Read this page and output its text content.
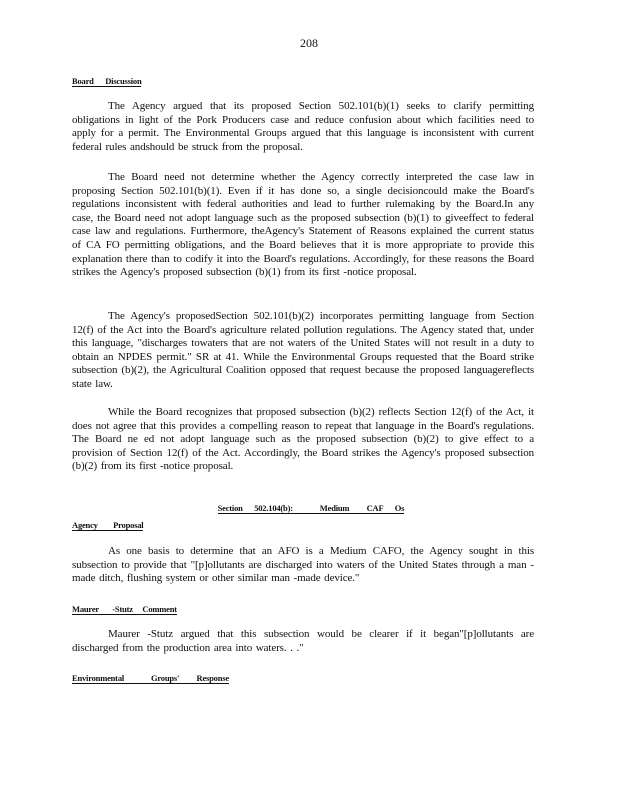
208
Board      Discussion
The Agency argued that its proposed Section 502.101(b)(1) seeks to clarify permitting obligations in light of the Pork Producers case and reduce confusion about which facilities need to apply for a permit. The Environmental Groups argued that this language is inconsistent with current federal rules andshould be struck from the proposal.
The Board need not determine whether the Agency correctly interpreted the case law in proposing Section 502.101(b)(1). Even if it has done so, a single decisioncould make the Board's regulations inconsistent with federal authorities and lead to further rulemaking by the Board.In any case, the Board need not adopt language such as the proposed subsection (b)(1) to giveeffect to federal case law and regulations. Furthermore, theAgency's Statement of Reasons explained the current status of CA FO permitting obligations, and the Board believes that it is more appropriate to provide this explanation there than to codify it into the Board's regulations. Accordingly, for these reasons the Board strikes the Agency's proposed subsection (b)(1) from its first -notice proposal.
The Agency's proposedSection 502.101(b)(2) incorporates permitting language from Section 12(f) of the Act into the Board's agriculture related pollution regulations. The Agency stated that, under this language, "discharges towaters that are not waters of the United States will not result in a duty to obtain an NPDES permit." SR at 41. While the Environmental Groups requested that the Board strike subsection (b)(2), the Agricultural Coalition opposed that request because the proposed languagereflects state law.
While the Board recognizes that proposed subsection (b)(2) reflects Section 12(f) of the Act, it does not agree that this provides a compelling reason to repeat that language in the Board's regulations. The Board ne ed not adopt language such as the proposed subsection (b)(2) to give effect to a provision of Section 12(f) of the Act. Accordingly, the Board strikes the Agency's proposed subsection (b)(2) from its first -notice proposal.

Section      502.104(b):              Medium         CAF      Os

Agency        Proposal
As one basis to determine that an AFO is a Medium CAFO, the Agency sought in this subsection to provide that "[p]ollutants are discharged into waters of the United States through a man -made ditch, flushing system or other similar man -made device."
Maurer       -Stutz     Comment
Maurer -Stutz argued that this subsection would be clearer if it began"[p]ollutants are discharged from the production area into waters. . ."
Environmental              Groups'         Response
